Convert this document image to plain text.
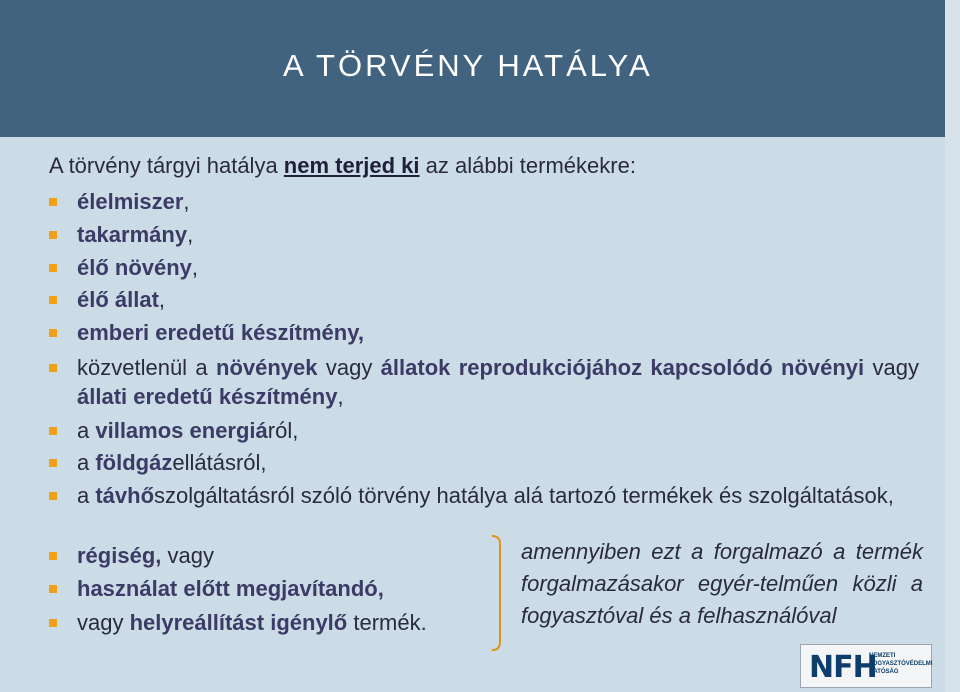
A TÖRVÉNY HATÁLYA
A törvény tárgyi hatálya nem terjed ki az alábbi termékekre:
élelmiszer,
takarmány,
élő növény,
élő állat,
emberi eredetű készítmény,
közvetlenül a növények vagy állatok reprodukciójához kapcsolódó növényi vagy állati eredetű készítmény,
a villamos energiáról,
a földgázellátásról,
a távhőszolgáltatásról szóló törvény hatálya alá tartozó termékek és szolgáltatások,
régiség, vagy
használat előtt megjavítandó,
vagy helyreállítást igénylő termék.
amennyiben ezt a forgalmazó a termék forgalmazásakor egyér-telműen közli a fogyasztóval és a felhasználóval
NFH
NEMZETI FOGYASZTÓVÉDELMI HATÓSÁG
